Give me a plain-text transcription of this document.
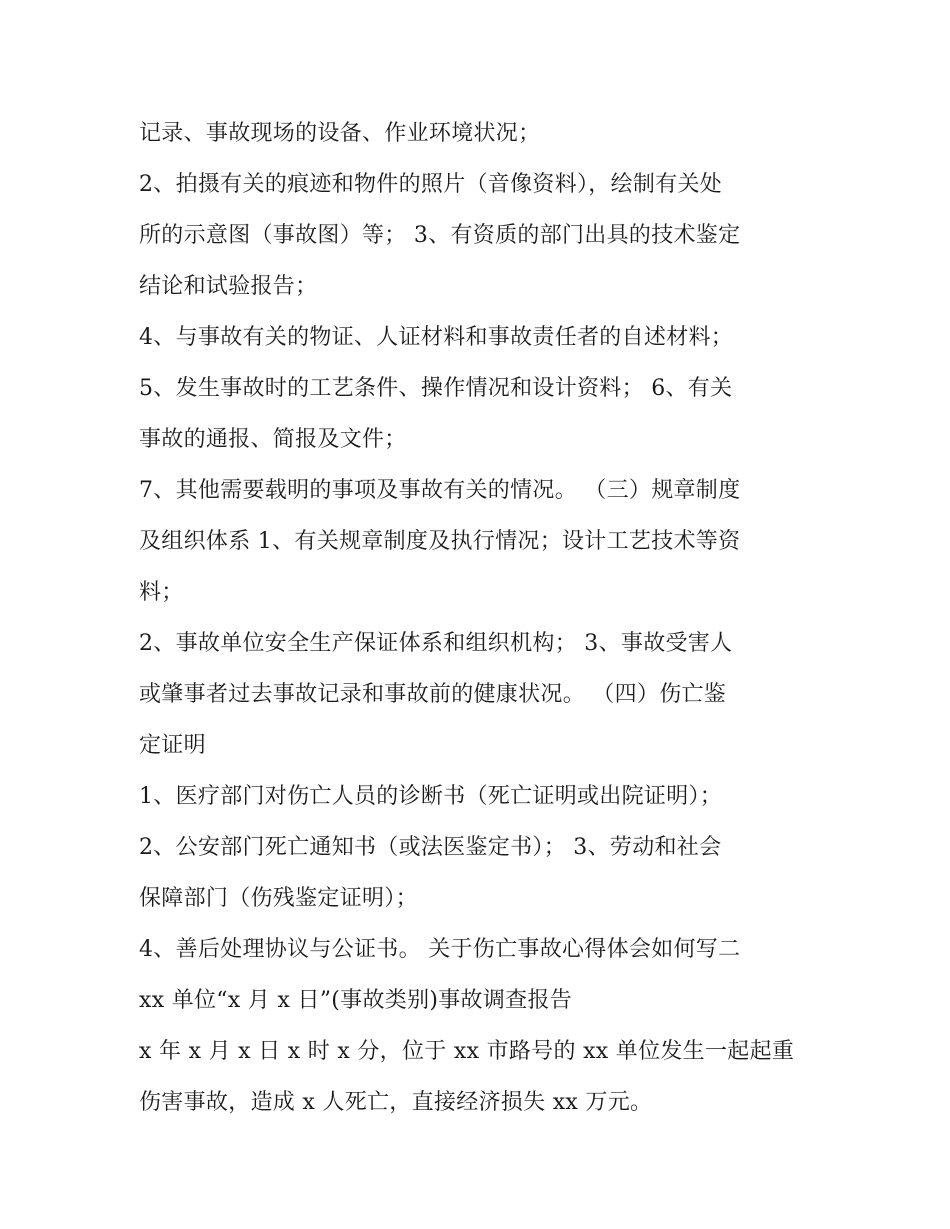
记录、事故现场的设备、作业环境状况；
2、拍摄有关的痕迹和物件的照片（音像资料），绘制有关处
所的示意图（事故图）等； 3、有资质的部门出具的技术鉴定
结论和试验报告；
4、与事故有关的物证、人证材料和事故责任者的自述材料；
5、发生事故时的工艺条件、操作情况和设计资料； 6、有关
事故的通报、简报及文件；
7、其他需要载明的事项及事故有关的情况。 （三）规章制度
及组织体系 1、有关规章制度及执行情况；设计工艺技术等资
料；
2、事故单位安全生产保证体系和组织机构； 3、事故受害人
或肇事者过去事故记录和事故前的健康状况。 （四）伤亡鉴
定证明
1、医疗部门对伤亡人员的诊断书（死亡证明或出院证明）；
2、公安部门死亡通知书（或法医鉴定书）； 3、劳动和社会
保障部门（伤残鉴定证明）；
4、善后处理协议与公证书。 关于伤亡事故心得体会如何写二
xx 单位“x 月 x 日”(事故类别)事故调查报告
x 年 x 月 x 日 x 时 x 分，位于 xx 市路号的 xx 单位发生一起起重
伤害事故，造成 x 人死亡，直接经济损失 xx 万元。
